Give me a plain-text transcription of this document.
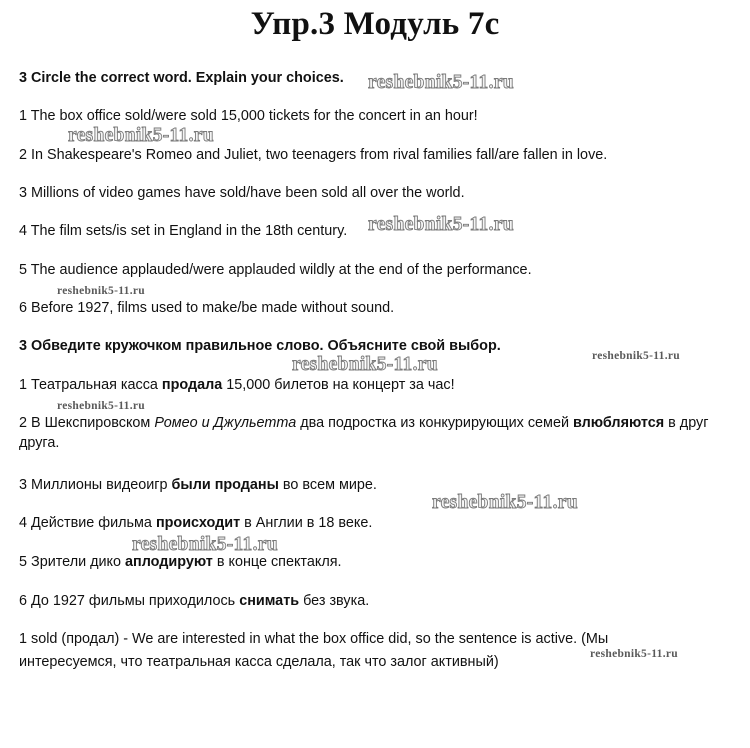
Упр.3 Модуль 7с
3 Circle the correct word. Explain your choices.
1 The box office sold/were sold 15,000 tickets for the concert in an hour!
2 In Shakespeare's Romeo and Juliet, two teenagers from rival families fall/are fallen in love.
3 Millions of video games have sold/have been sold all over the world.
4 The film sets/is set in England in the 18th century.
5 The audience applauded/were applauded wildly at the end of the performance.
6 Before 1927, films used to make/be made without sound.
3 Обведите кружочком правильное слово. Объясните свой выбор.
1 Театральная касса продала 15,000 билетов на концерт за час!
2 В Шекспировском Ромео и Джульетта два подростка из конкурирующих семей влюбляются в друг друга.
3 Миллионы видеоигр были проданы во всем мире.
4 Действие фильма происходит в Англии в 18 веке.
5 Зрители дико аплодируют в конце спектакля.
6 До 1927 фильмы приходилось снимать без звука.
1 sold (продал) - We are interested in what the box office did, so the sentence is active. (Мы
интересуемся, что театральная касса сделала, так что залог активный)
reshebnik5-11.ru
reshebnik5-11.ru
reshebnik5-11.ru
reshebnik5-11.ru
reshebnik5-11.ru	reshebnik5-11.ru
reshebnik5-11.ru
reshebnik5-11.ru
reshebnik5-11.ru
reshebnik5-11.ru
